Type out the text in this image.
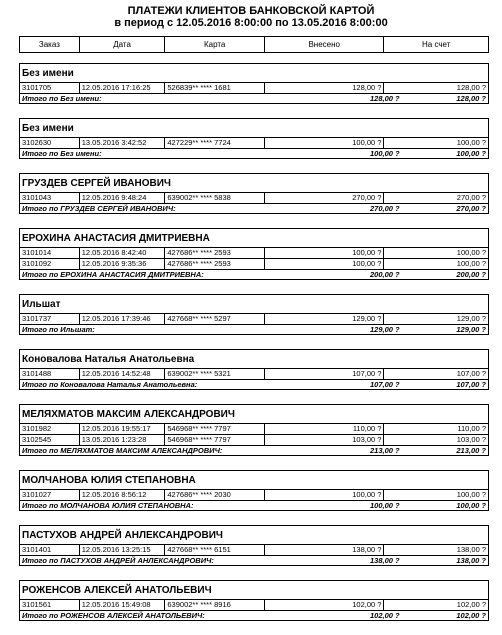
ПЛАТЕЖИ КЛИЕНТОВ БАНКОВСКОЙ КАРТОЙ
в период с 12.05.2016 8:00:00 по 13.05.2016 8:00:00
Заказ	Дата	Карта	Внесено	На счет
Без имени
3101705	12.05.2016 17:16:25	526839** **** 1681	128,00 ?	128,00 ?
Итого по Без имени:	128,00 ?	128,00 ?
Без имени
3102630	13.05.2016 3:42:52	427229** **** 7724	100,00 ?	100,00 ?
Итого по Без имени:	100,00 ?	100,00 ?
ГРУЗДЕВ СЕРГЕЙ ИВАНОВИЧ
3101043	12.05.2016 9:48:24	639002** **** 5838	270,00 ?	270,00 ?
Итого по ГРУЗДЕВ СЕРГЕЙ ИВАНОВИЧ:	270,00 ?	270,00 ?
ЕРОХИНА АНАСТАСИЯ ДМИТРИЕВНА
3101014	12.05.2016 8:42:40	427686** **** 2593	100,00 ?	100,00 ?
3101092	12.05.2016 9:35:36	427686** **** 2593	100,00 ?	100,00 ?
Итого по ЕРОХИНА АНАСТАСИЯ ДМИТРИЕВНА:	200,00 ?	200,00 ?
Ильшат
3101737	12.05.2016 17:39:46	427668** **** 5297	129,00 ?	129,00 ?
Итого по Ильшат:	129,00 ?	129,00 ?
Коновалова Наталья Анатольевна
3101488	12.05.2016 14:52:48	639002** **** 5321	107,00 ?	107,00 ?
Итого по Коновалова Наталья Анатольевна:	107,00 ?	107,00 ?
МЕЛЯХМАТОВ МАКСИМ АЛЕКСАНДРОВИЧ
3101982	12.05.2016 19:55:17	546968** **** 7797	110,00 ?	110,00 ?
3102545	13.05.2016 1:23:28	546968** **** 7797	103,00 ?	103,00 ?
Итого по МЕЛЯХМАТОВ МАКСИМ АЛЕКСАНДРОВИЧ:	213,00 ?	213,00 ?
МОЛЧАНОВА ЮЛИЯ СТЕПАНОВНА
3101027	12.05.2016 8:56:12	427686** **** 2030	100,00 ?	100,00 ?
Итого по МОЛЧАНОВА ЮЛИЯ СТЕПАНОВНА:	100,00 ?	100,00 ?
ПАСТУХОВ АНДРЕЙ АНЛЕКСАНДРОВИЧ
3101401	12.05.2016 13:25:15	427668** **** 6151	138,00 ?	138,00 ?
Итого по ПАСТУХОВ АНДРЕЙ АНЛЕКСАНДРОВИЧ:	138,00 ?	138,00 ?
РОЖЕНСОВ АЛЕКСЕЙ АНАТОЛЬЕВИЧ
3101561	12.05.2016 15:49:08	639002** **** 8916	102,00 ?	102,00 ?
Итого по РОЖЕНСОВ АЛЕКСЕЙ АНАТОЛЬЕВИЧ:	102,00 ?	102,00 ?
